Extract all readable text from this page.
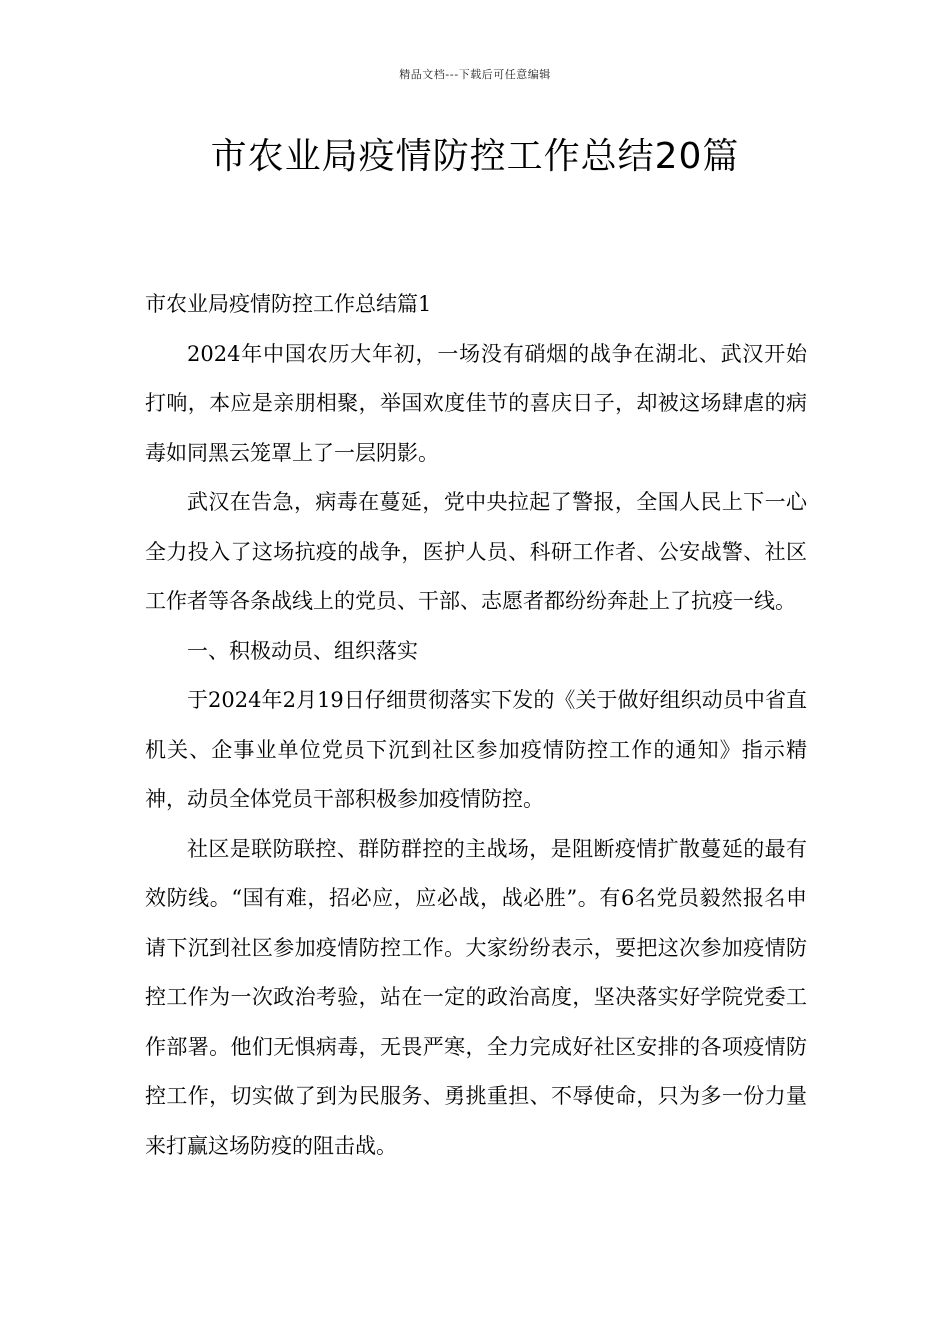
精品文档---下载后可任意编辑
市农业局疫情防控工作总结20篇

市农业局疫情防控工作总结篇1

2024年中国农历大年初，一场没有硝烟的战争在湖北、武汉开始打响，本应是亲朋相聚，举国欢度佳节的喜庆日子，却被这场肆虐的病毒如同黑云笼罩上了一层阴影。

武汉在告急，病毒在蔓延，党中央拉起了警报，全国人民上下一心全力投入了这场抗疫的战争，医护人员、科研工作者、公安战警、社区工作者等各条战线上的党员、干部、志愿者都纷纷奔赴上了抗疫一线。

一、积极动员、组织落实

于2024年2月19日仔细贯彻落实下发的《关于做好组织动员中省直机关、企事业单位党员下沉到社区参加疫情防控工作的通知》指示精神，动员全体党员干部积极参加疫情防控。

社区是联防联控、群防群控的主战场，是阻断疫情扩散蔓延的最有效防线。“国有难，招必应，应必战，战必胜”。有6名党员毅然报名申请下沉到社区参加疫情防控工作。大家纷纷表示，要把这次参加疫情防控工作为一次政治考验，站在一定的政治高度，坚决落实好学院党委工作部署。他们无惧病毒，无畏严寒，全力完成好社区安排的各项疫情防控工作，切实做了到为民服务、勇挑重担、不辱使命，只为多一份力量来打赢这场防疫的阻击战。
